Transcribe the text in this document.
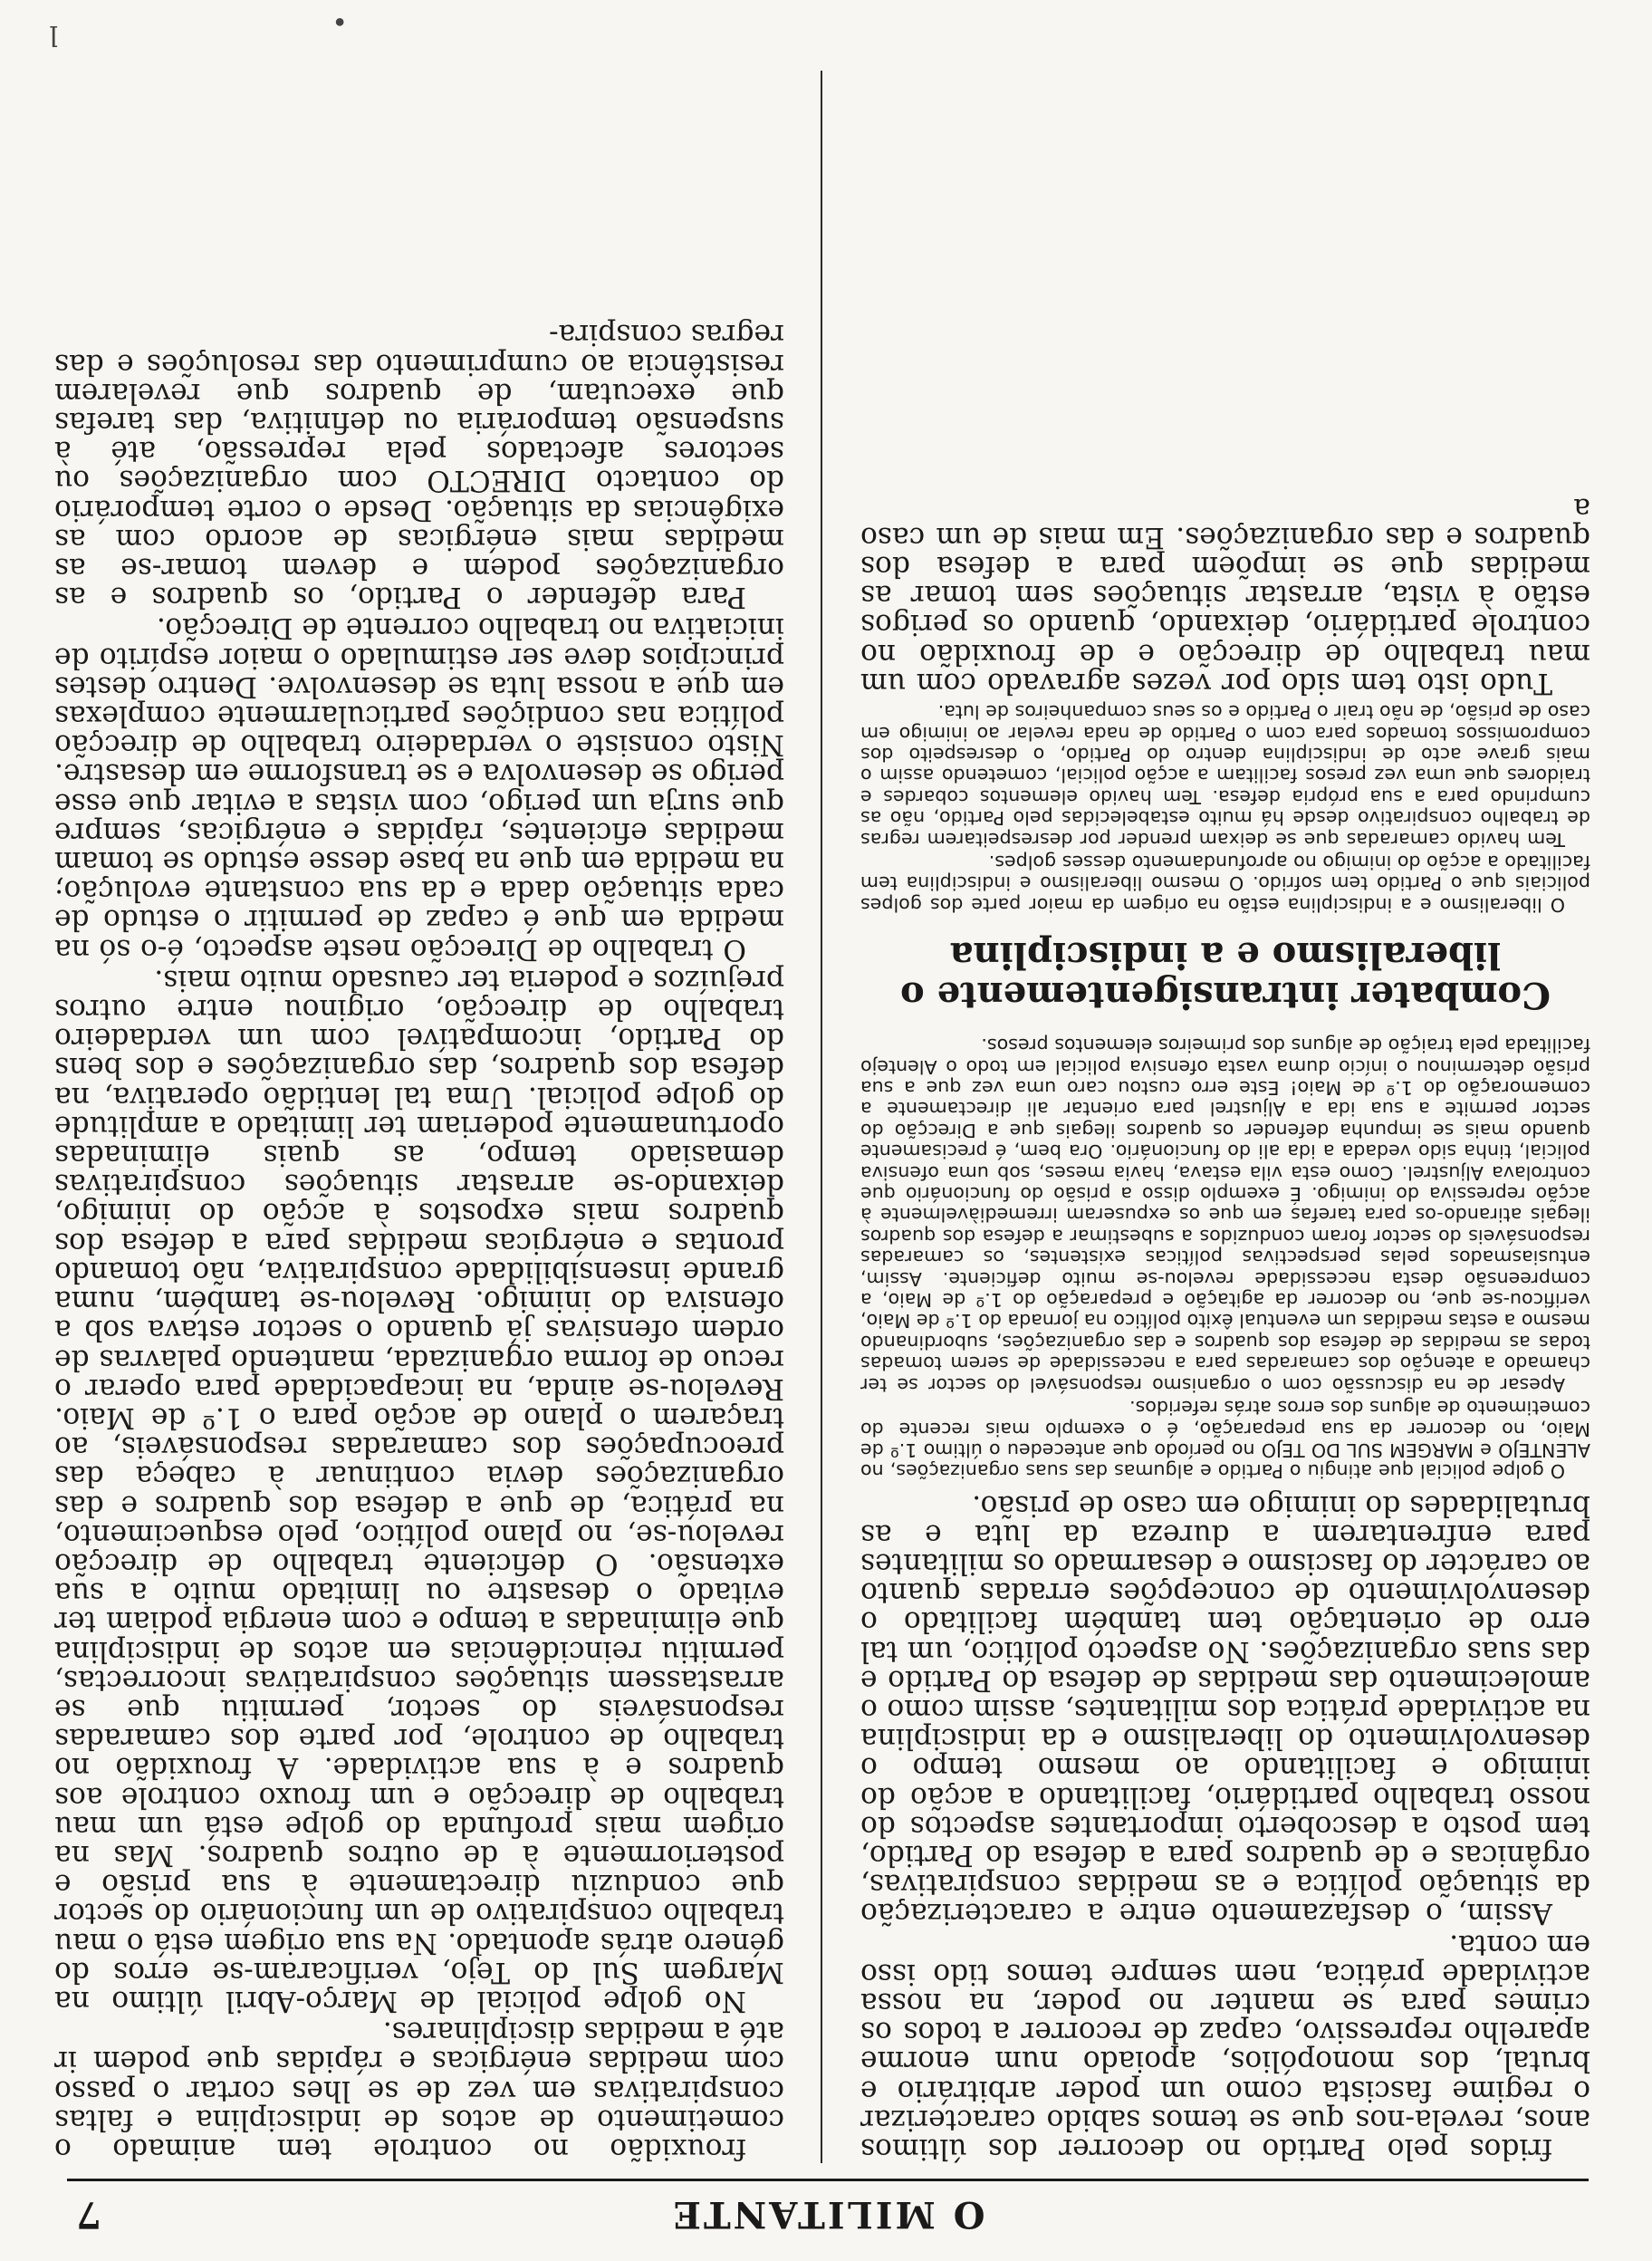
O MILITANTE
7

fridos pelo Partido no decorrer dos últimos anos, revela-nos que se temos sabido caracterizar o regime fascista como um poder arbitrário e brutal, dos monopólios, apoiado num enorme aparelho repressivo, capaz de recorrer a todos os crimes para se manter no poder, na nossa actividade prática, nem sempre temos tido isso em conta.

Assim, o desfazamento entre a caracterização da situação política e as medidas conspirativas, orgânicas e de quadros para a defesa do Partido, tem posto a descoberto importantes aspectos do nosso trabalho partidário, facilitando a acção do inimigo e facilitando ao mesmo tempo o desenvolvimento do liberalismo e da indisciplina na actividade prática dos militantes, assim como o amolecimento das medidas de defesa do Partido e das suas organizações. No aspecto político, um tal erro de orientação tem também facilitado o desenvolvimento de concepções erradas quanto ao carácter do fascismo e desarmado os militantes para enfrentarem a dureza da luta e as brutalidades do inimigo em caso de prisão.

O golpe policial que atingiu o Partido e algumas das suas organizações, no ALENTEJO e MARGEM SUL DO TEJO no período que antecedeu o último 1.º de Maio, no decorrer da sua preparação, é o exemplo mais recente do cometimento de alguns dos erros atrás referidos.

Apesar de na discussão com o organismo responsável do sector se ter chamado a atenção dos camaradas para a necessidade de serem tomadas todas as medidas de defesa dos quadros e das organizações, subordinando mesmo a estas medidas um eventual êxito político na jornada do 1.º de Maio, verificou-se que, no decorrer da agitação e preparação do 1.º de Maio, a compreensão desta necessidade revelou-se muito deficiente. Assim, entusiasmados pelas perspectivas políticas existentes, os camaradas responsáveis do sector foram conduzidos a subestimar a defesa dos quadros ilegais atirando-os para tarefas em que os expuseram irremediàvelmente à acção repressiva do inimigo. É exemplo disso a prisão do funcionário que controlava Aljustrel. Como esta vila estava, havia meses, sob uma ofensiva policial, tinha sido vedada a ida ali do funcionário. Ora bem, é precisamente quando mais se impunha defender os quadros ilegais que a Direcção do sector permite a sua ida a Aljustrel para orientar ali directamente a comemoração do 1.º de Maio! Este erro custou caro uma vez que a sua prisão determinou o início duma vasta ofensiva policial em todo o Alentejo facilitada pela traição de alguns dos primeiros elementos presos.

Combater intransigentemente o liberalismo e a indisciplina

O liberalismo e a indisciplina estão na origem da maior parte dos golpes policiais que o Partido tem sofrido. O mesmo liberalismo e indisciplina tem facilitado a acção do inimigo no aprofundamento desses golpes.

Tem havido camaradas que se deixam prender por desrespeitarem regras de trabalho conspirativo desde há muito estabelecidas pelo Partido, não as cumprindo para a sua própria defesa. Tem havido elementos cobardes e traidores que uma vez presos facilitam a acção policial, cometendo assim o mais grave acto de indisciplina dentro do Partido, o desrespeito dos compromissos tomados para com o Partido de nada revelar ao inimigo em caso de prisão, de não trair o Partido e os seus companheiros de luta.

Tudo isto tem sido por vezes agravado com um mau trabalho de direcção e de frouxidão no controle partidário, deixando, quando os perigos estão à vista, arrastar situações sem tomar as medidas que se impõem para a defesa dos quadros e das organizações. Em mais de um caso a

frouxidão no controle tem animado o cometimento de actos de indisciplina e faltas conspirativas em vez de se lhes cortar o passo com medidas enérgicas e rápidas que podem ir até a medidas disciplinares.

No golpe policial de Março-Abril último na Margem Sul do Tejo, verificaram-se erros do género atrás apontado. Na sua origem está o mau trabalho conspirativo de um funcionário do sector que conduziu directamente à sua prisão e posteriormente à de outros quadros. Mas na origem mais profunda do golpe está um mau trabalho de direcção e um frouxo controle aos quadros e à sua actividade. A frouxidão no trabalho de controle, por parte dos camaradas responsáveis do sector, permitiu que se arrastassem situações conspirativas incorrectas, permitiu reincidências em actos de indisciplina que eliminadas a tempo e com energia podiam ter evitado o desastre ou limitado muito a sua extensão. O deficiente trabalho de direcção revelou-se, no plano político, pelo esquecimento, na prática, de que a defesa dos quadros e das organizações devia continuar à cabeça das preocupações dos camaradas responsáveis, ao traçarem o plano de acção para o 1.º de Maio. Revelou-se ainda, na incapacidade para operar o recuo de forma organizada, mantendo palavras de ordem ofensivas já quando o sector estava sob a ofensiva do inimigo. Revelou-se também, numa grande insensibilidade conspirativa, não tomando prontas e enérgicas medidas para a defesa dos quadros mais expostos à acção do inimigo, deixando-se arrastar situações conspirativas demasiado tempo, as quais eliminadas oportunamente poderiam ter limitado a amplitude do golpe policial. Uma tal lentidão operativa, na defesa dos quadros, das organizações e dos bens do Partido, incompatível com um verdadeiro trabalho de direcção, originou entre outros prejuízos e poderia ter causado muito mais.

O trabalho de Direcção neste aspecto, é-o só na medida em que é capaz de permitir o estudo de cada situação dada e da sua constante evolução; na medida em que na base desse estudo se tomam medidas eficientes, rápidas e enérgicas, sempre que surja um perigo, com vistas a evitar que esse perigo se desenvolva e se transforme em desastre. Nisto consiste o verdadeiro trabalho de direcção política nas condições particularmente complexas em que a nossa luta se desenvolve. Dentro destes princípios deve ser estimulado o maior espírito de iniciativa no trabalho corrente de Direcção.

Para defender o Partido, os quadros e as organizações podem e devem tomar-se as medidas mais enérgicas de acordo com as exigências da situação. Desde o corte temporário do contacto DIRECTO com organizações ou sectores afectados pela repressão, até à suspensão temporária ou definitiva, das tarefas que executam, de quadros que revelarem resistência ao cumprimento das resoluções e das regras conspira-

ⅼ	•
